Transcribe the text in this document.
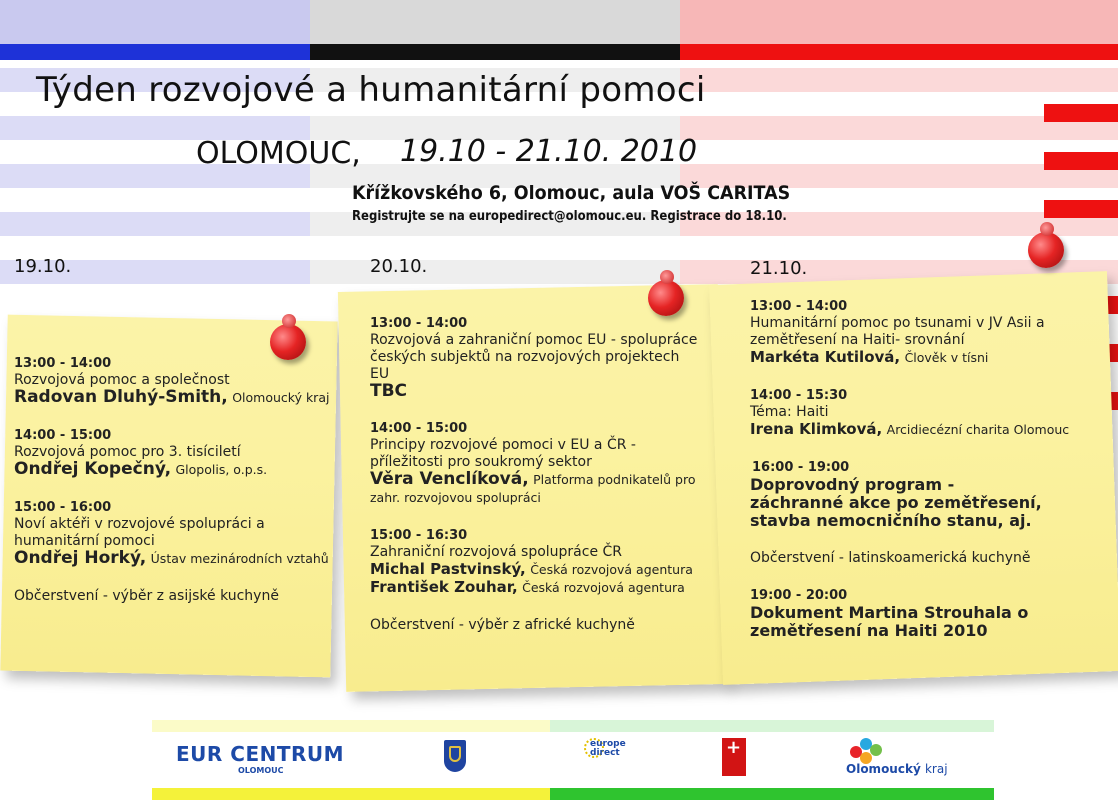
Týden rozvojové a humanitární pomoci
OLOMOUC, 19.10 - 21.10. 2010
Křížkovského 6, Olomouc, aula VOŠ CARITAS
Registrujte se na europedirect@olomouc.eu. Registrace do 18.10.
19.10.	20.10.	21.10.
13:00 - 14:00
Rozvojová pomoc a společnost
Radovan Dluhý-Smith, Olomoucký kraj
14:00 - 15:00
Rozvojová pomoc pro 3. tisíciletí
Ondřej Kopečný, Glopolis, o.p.s.
15:00 - 16:00
Noví aktéři v rozvojové spolupráci a humanitární pomoci
Ondřej Horký, Ústav mezinárodních vztahů
Občerstvení - výběr z asijské kuchyně
13:00 - 14:00
Rozvojová a zahraniční pomoc EU - spolupráce českých subjektů na rozvojových projektech EU
TBC
14:00 - 15:00
Principy rozvojové pomoci v EU a ČR - příležitosti pro soukromý sektor
Věra Venclíková, Platforma podnikatelů pro zahr. rozvojovou spolupráci
15:00 - 16:30
Zahraniční rozvojová spolupráce ČR
Michal Pastvinský, Česká rozvojová agentura
František Zouhar, Česká rozvojová agentura
Občerstvení - výběr z africké kuchyně
13:00 - 14:00
Humanitární pomoc po tsunami v JV Asii a zemětřesení na Haiti- srovnání
Markéta Kutilová, Člověk v tísni
14:00 - 15:30
Téma: Haiti
Irena Klimková, Arcidiecézní charita Olomouc
16:00 - 19:00
Doprovodný program - záchranné akce po zemětřesení, stavba nemocničního stanu, aj.
Občerstvení - latinskoamerická kuchyně
19:00 - 20:00
Dokument Martina Strouhala o zemětřesení na Haiti 2010
EUR CENTRUM
OLOMOUC
europe direct
+
Olomoucký kraj
